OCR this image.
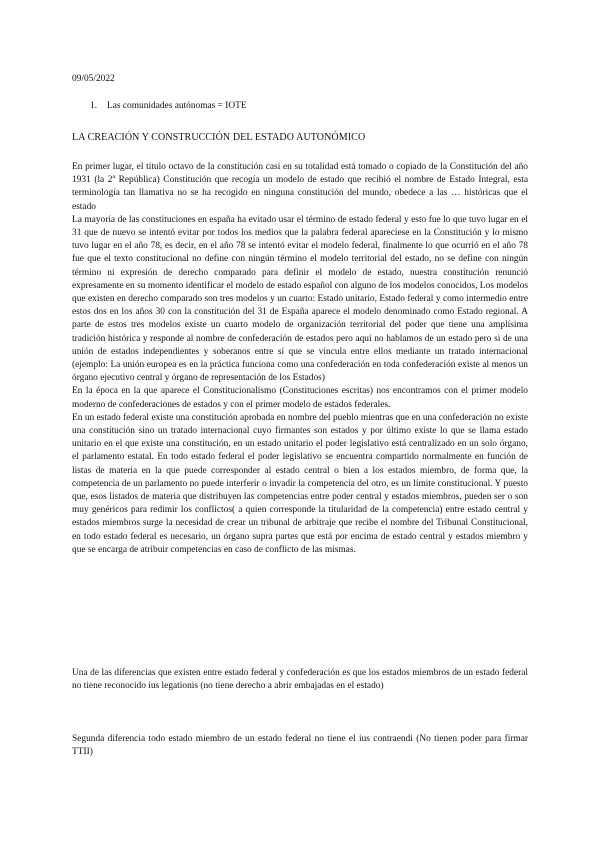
09/05/2022
1. Las comunidades autónomas = IOTE
LA CREACIÓN Y CONSTRUCCIÓN DEL ESTADO AUTONÓMICO

En primer lugar, el título octavo de la constitución casi en su totalidad está tomado o copiado de la Constitución del año 1931 (la 2ª República) Constitución que recogía un modelo de estado que recibió el nombre de Estado Integral, esta terminología tan llamativa no se ha recogido en ninguna constitución del mundo, obedece a las … históricas que el estado

La mayoría de las constituciones en españa ha evitado usar el término de estado federal y esto fue lo que tuvo lugar en el 31 que de nuevo se intentó evitar por todos los medios que la palabra federal apareciese en la Constitución y lo mismo tuvo lugar en el año 78, es decir, en el año 78 se intentó evitar el modelo federal, finalmente lo que ocurrió en el año 78 fue que el texto constitucional no define con ningún término el modelo territorial del estado, no se define con ningún término ni expresión de derecho comparado para definir el modelo de estado, nuestra constitución renunció expresamente en su momento identificar el modelo de estado español con alguno de los modelos conocidos, Los modelos que existen en derecho comparado son tres modelos y un cuarto: Estado unitario, Estado federal y como intermedio entre estos dos en los años 30 con la constitución del 31 de España aparece el modelo denominado como Estado regional. A parte de estos tres modelos existe un cuarto modelo de organización territorial del poder que tiene una amplísima tradición histórica y responde al nombre de confederación de estados pero aquí no hablamos de un estado pero si de una unión de estados independientes y soberanos entre sí que se vincula entre ellos mediante un tratado internacional (ejemplo: La unión europea es en la práctica funciona como una confederación en toda confederación existe al menos un órgano ejecutivo central y órgano de representación de los Estados)

En la época en la que aparece el Constitucionalismo (Constituciones escritas) nos encontramos con el primer modelo moderno de confederaciones de estados y con el primer modelo de estados federales.

En un estado federal existe una constitución aprobada en nombre del pueblo mientras que en una confederación no existe una constitución sino un tratado internacional cuyo firmantes son estados y por último existe lo que se llama estado unitario en el que existe una constitución, en un estado unitario el poder legislativo está centralizado en un solo órgano, el parlamento estatal. En todo estado federal el poder legislativo se encuentra compartido normalmente en función de listas de materia en la que puede corresponder al estado central o bien a los estados miembro, de forma que, la competencia de un parlamento no puede interferir o invadir la competencia del otro, es un límite constitucional. Y puesto que, esos listados de materia que distribuyen las competencias entre poder central y estados miembros, pueden ser o son muy genéricos para redimir los conflictos( a quien corresponde la titularidad de la competencia) entre estado central y estados miembros surge la necesidad de crear un tribunal de arbitraje que recibe el nombre del Tribunal Constitucional, en todo estado federal es necesario, un órgano supra partes que está por encima de estado central y estados miembro y que se encarga de atribuir competencias en caso de conflicto de las mismas.

Una de las diferencias que existen entre estado federal y confederación es que los estados miembros de un estado federal no tiene reconocido ius legationis (no tiene derecho a abrir embajadas en el estado)
Segunda diferencia todo estado miembro de un estado federal no tiene el ius contraendi (No tienen poder para firmar TTII)
